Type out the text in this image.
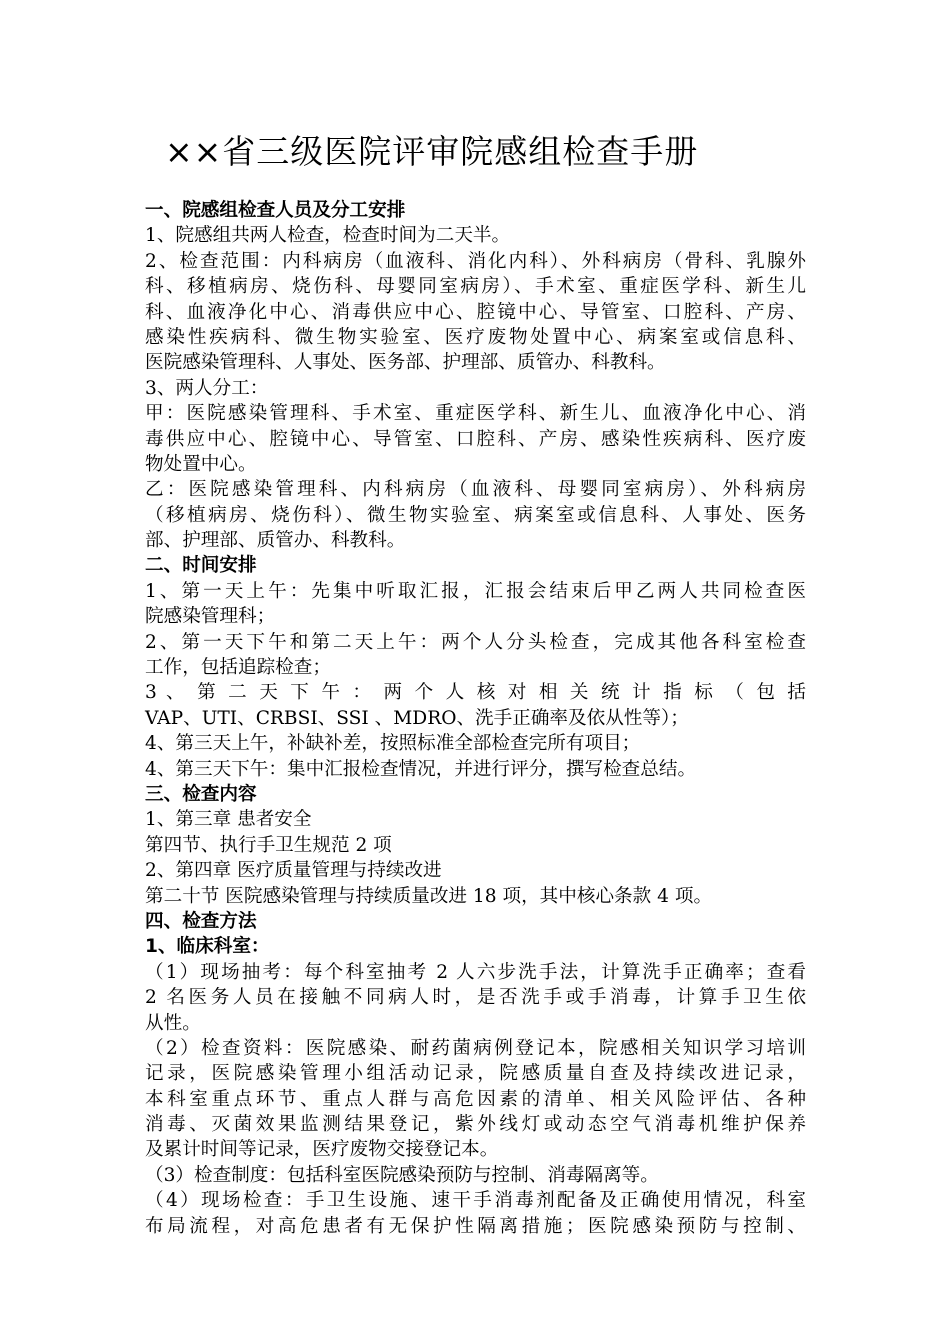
××省三级医院评审院感组检查手册
一、院感组检查人员及分工安排
1、院感组共两人检查，检查时间为二天半。
2、检查范围：内科病房（血液科、消化内科）、外科病房（骨科、乳腺外
科、移植病房、烧伤科、母婴同室病房）、手术室、重症医学科、新生儿
科、血液净化中心、消毒供应中心、腔镜中心、导管室、口腔科、产房、
感染性疾病科、微生物实验室、医疗废物处置中心、病案室或信息科、
医院感染管理科、人事处、医务部、护理部、质管办、科教科。
3、两人分工：
甲：医院感染管理科、手术室、重症医学科、新生儿、血液净化中心、消
毒供应中心、腔镜中心、导管室、口腔科、产房、感染性疾病科、医疗废
物处置中心。
乙：医院感染管理科、内科病房（血液科、母婴同室病房）、外科病房
（移植病房、烧伤科）、微生物实验室、病案室或信息科、人事处、医务
部、护理部、质管办、科教科。
二、时间安排
1、第一天上午：先集中听取汇报，汇报会结束后甲乙两人共同检查医
院感染管理科；
2、第一天下午和第二天上午：两个人分头检查，完成其他各科室检查
工作，包括追踪检查；
3 、 第 二 天 下 午 ： 两 个 人 核 对 相 关 统 计 指 标 （ 包 括
VAP、UTI、CRBSI、SSI 、MDRO、洗手正确率及依从性等）；
4、第三天上午，补缺补差，按照标准全部检查完所有项目；
4、第三天下午：集中汇报检查情况，并进行评分，撰写检查总结。
三、检查内容
1、第三章 患者安全
第四节、执行手卫生规范 2 项
2、第四章 医疗质量管理与持续改进
第二十节 医院感染管理与持续质量改进 18 项，其中核心条款 4 项。
四、检查方法
1、临床科室：
（1）现场抽考：每个科室抽考 2 人六步洗手法，计算洗手正确率；查看
2 名医务人员在接触不同病人时，是否洗手或手消毒，计算手卫生依
从性。
（2）检查资料：医院感染、耐药菌病例登记本，院感相关知识学习培训
记录，医院感染管理小组活动记录，院感质量自查及持续改进记录，
本科室重点环节、重点人群与高危因素的清单、相关风险评估、各种
消毒、灭菌效果监测结果登记，紫外线灯或动态空气消毒机维护保养
及累计时间等记录，医疗废物交接登记本。
（3）检查制度：包括科室医院感染预防与控制、消毒隔离等。
（4）现场检查：手卫生设施、速干手消毒剂配备及正确使用情况，科室
布局流程，对高危患者有无保护性隔离措施；医院感染预防与控制、
